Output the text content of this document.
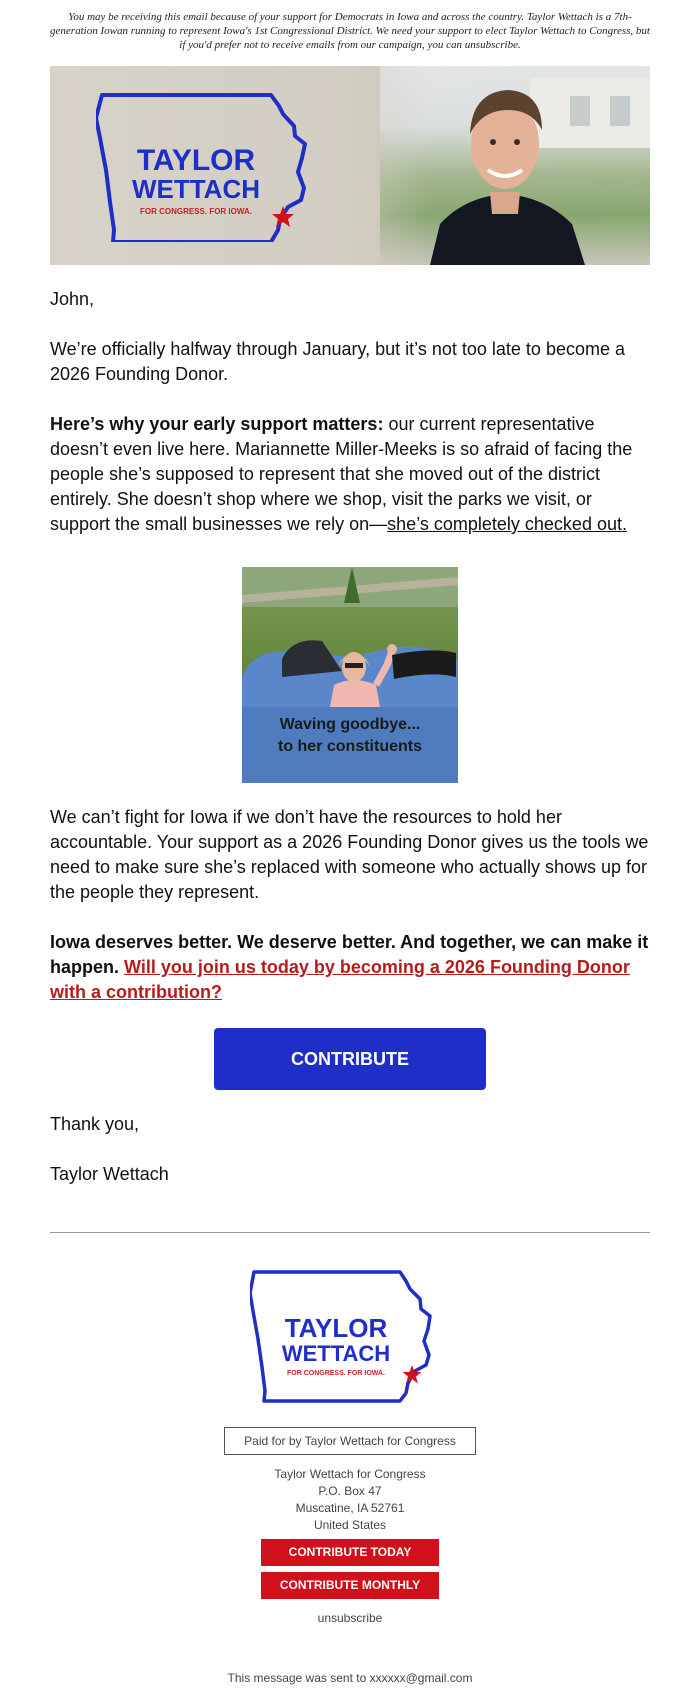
You may be receiving this email because of your support for Democrats in Iowa and across the country. Taylor Wettach is a 7th-generation Iowan running to represent Iowa's 1st Congressional District. We need your support to elect Taylor Wettach to Congress, but if you'd prefer not to receive emails from our campaign, you can unsubscribe.
TAYLOR
WETTACH
FOR CONGRESS. FOR IOWA.

John,

We’re officially halfway through January, but it’s not too late to become a 2026 Founding Donor.

Here’s why your early support matters: our current representative doesn’t even live here. Mariannette Miller-Meeks is so afraid of facing the people she’s supposed to represent that she moved out of the district entirely. She doesn’t shop where we shop, visit the parks we visit, or support the small businesses we rely on—she’s completely checked out.

Waving goodbye...
to her constituents

We can’t fight for Iowa if we don’t have the resources to hold her accountable. Your support as a 2026 Founding Donor gives us the tools we need to make sure she’s replaced with someone who actually shows up for the people they represent.

Iowa deserves better. We deserve better. And together, we can make it happen. Will you join us today by becoming a 2026 Founding Donor with a contribution?

CONTRIBUTE

Thank you,

Taylor Wettach

TAYLOR
WETTACH
FOR CONGRESS. FOR IOWA.
Paid for by Taylor Wettach for Congress
Taylor Wettach for Congress
P.O. Box 47
Muscatine, IA 52761
United States
CONTRIBUTE TODAY
CONTRIBUTE MONTHLY
unsubscribe
This message was sent to xxxxxx@gmail.com
